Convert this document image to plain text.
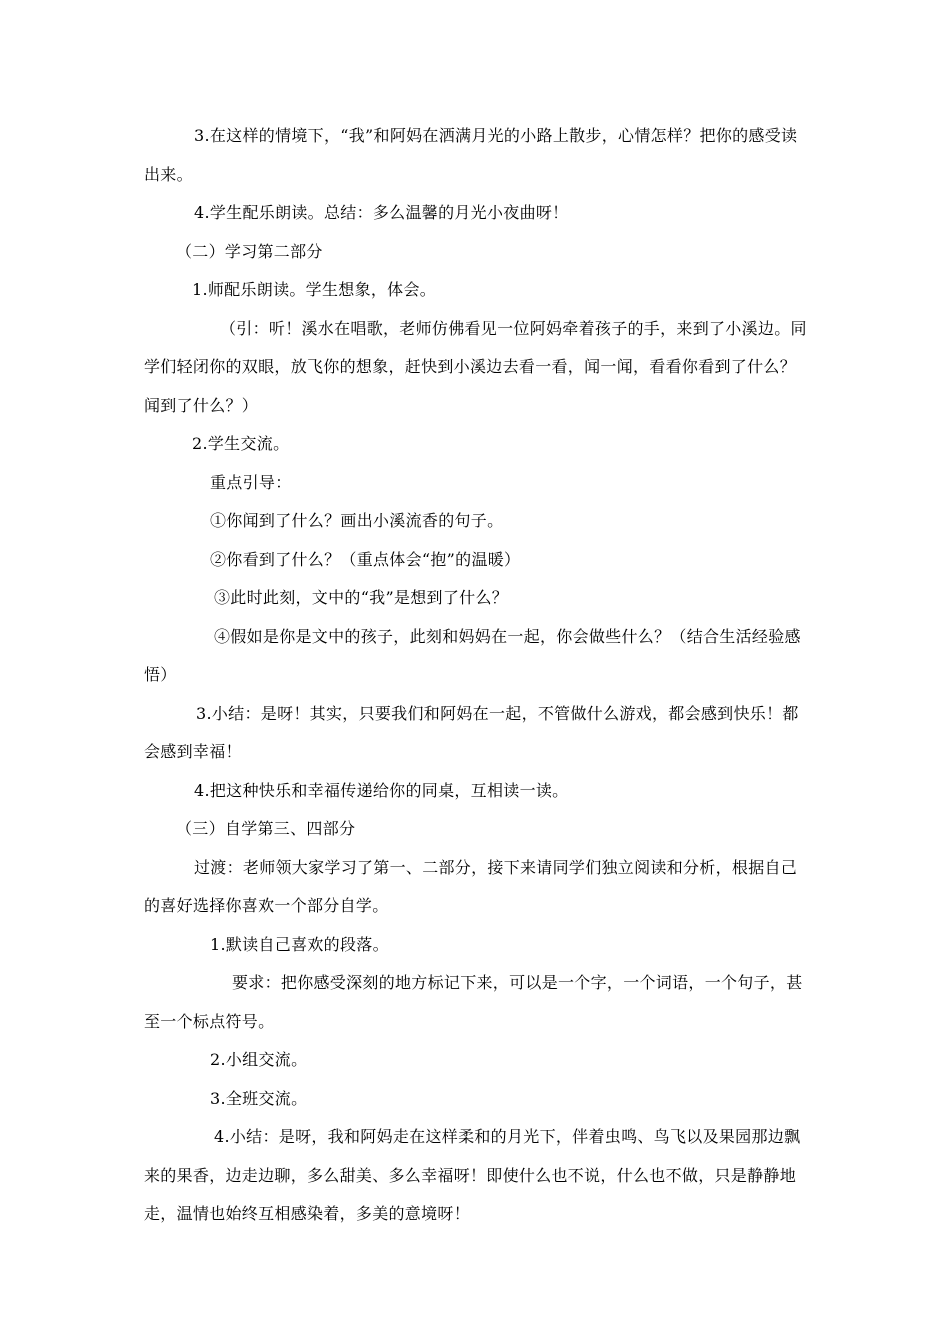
3.在这样的情境下，“我”和阿妈在洒满月光的小路上散步，心情怎样？把你的感受读出来。

4.学生配乐朗读。总结：多么温馨的月光小夜曲呀！

（二）学习第二部分

1.师配乐朗读。学生想象，体会。

（引：听！溪水在唱歌，老师仿佛看见一位阿妈牵着孩子的手，来到了小溪边。同学们轻闭你的双眼，放飞你的想象，赶快到小溪边去看一看，闻一闻，看看你看到了什么？闻到了什么？）

2.学生交流。

重点引导：

①你闻到了什么？画出小溪流香的句子。

②你看到了什么？（重点体会“抱”的温暖）

③此时此刻，文中的“我”是想到了什么？

④假如是你是文中的孩子，此刻和妈妈在一起，你会做些什么？（结合生活经验感悟）

3.小结：是呀！其实，只要我们和阿妈在一起，不管做什么游戏，都会感到快乐！都会感到幸福！

4.把这种快乐和幸福传递给你的同桌，互相读一读。

（三）自学第三、四部分

过渡：老师领大家学习了第一、二部分，接下来请同学们独立阅读和分析，根据自己的喜好选择你喜欢一个部分自学。

1.默读自己喜欢的段落。

要求：把你感受深刻的地方标记下来，可以是一个字，一个词语，一个句子，甚至一个标点符号。

2.小组交流。

3.全班交流。

4.小结：是呀，我和阿妈走在这样柔和的月光下，伴着虫鸣、鸟飞以及果园那边飘来的果香，边走边聊，多么甜美、多么幸福呀！即使什么也不说，什么也不做，只是静静地走，温情也始终互相感染着，多美的意境呀！
